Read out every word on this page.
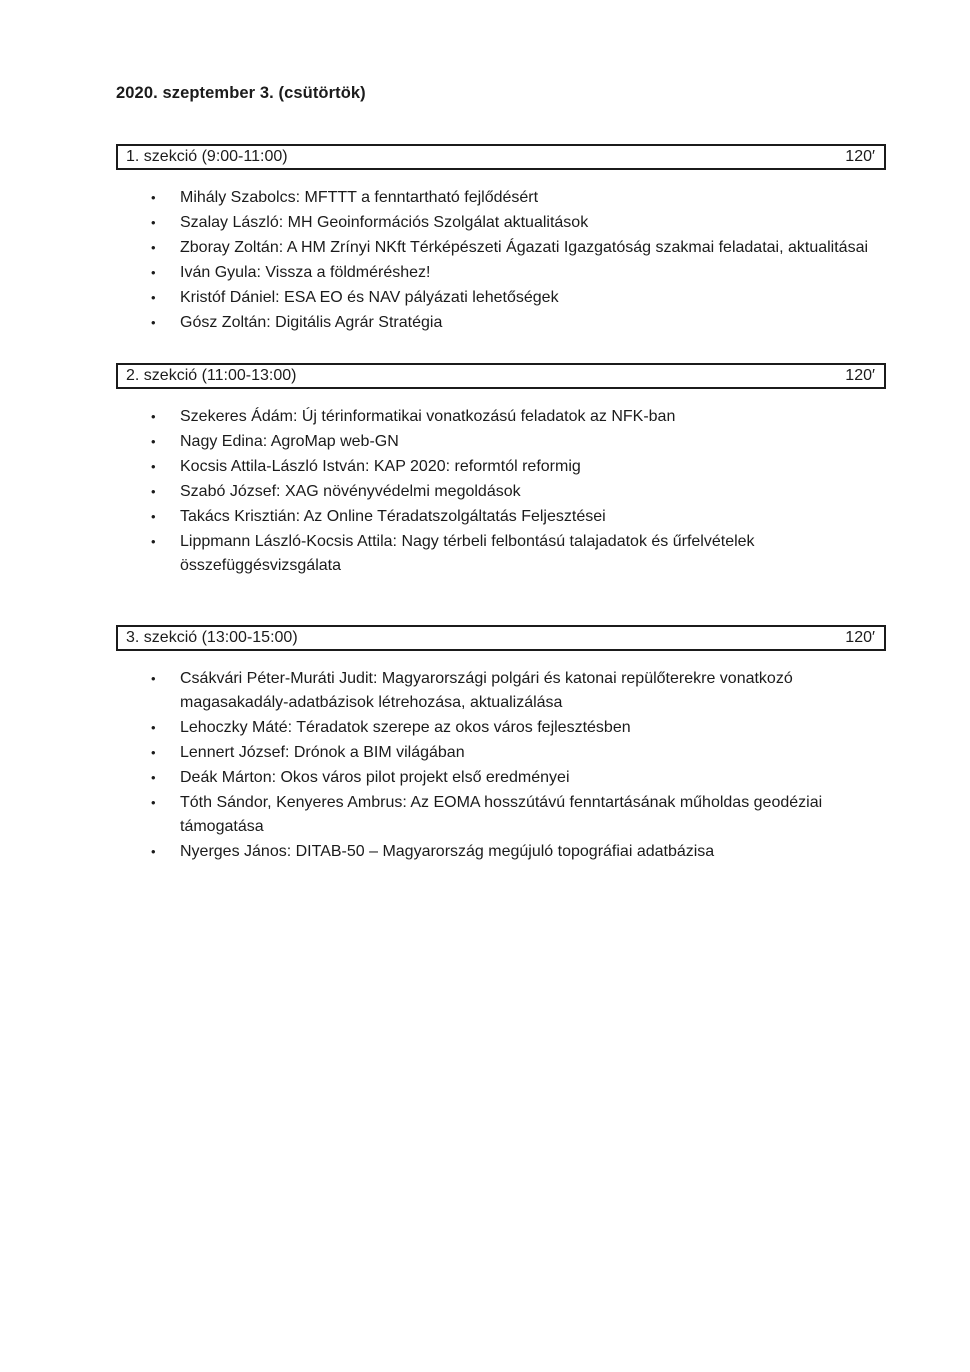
2020. szeptember 3. (csütörtök)
1. szekció (9:00-11:00)	120′
•	Mihály Szabolcs: MFTTT a fenntartható fejlődésért
•	Szalay László: MH Geoinformációs Szolgálat aktualitások
•	Zboray Zoltán: A HM Zrínyi NKft Térképészeti Ágazati Igazgatóság szakmai feladatai, aktualitásai
•	Iván Gyula: Vissza a földméréshez!
•	Kristóf Dániel: ESA EO és NAV pályázati lehetőségek
•	Gósz Zoltán: Digitális Agrár Stratégia
2. szekció (11:00-13:00)	120′
•	Szekeres Ádám: Új térinformatikai vonatkozású feladatok az NFK-ban
•	Nagy Edina: AgroMap web-GN
•	Kocsis Attila-László István: KAP 2020: reformtól reformig
•	Szabó József: XAG növényvédelmi megoldások
•	Takács Krisztián: Az Online Téradatszolgáltatás Feljesztései
•	Lippmann László-Kocsis Attila: Nagy térbeli felbontású talajadatok és űrfelvételek összefüggésvizsgálata
3. szekció (13:00-15:00)	120′
•	Csákvári Péter-Muráti Judit: Magyarországi polgári és katonai repülőterekre vonatkozó magasakadály-adatbázisok létrehozása, aktualizálása
•	Lehoczky Máté: Téradatok szerepe az okos város fejlesztésben
•	Lennert József: Drónok a BIM világában
•	Deák Márton: Okos város pilot projekt első eredményei
•	Tóth Sándor, Kenyeres Ambrus: Az EOMA hosszútávú fenntartásának műholdas geodéziai támogatása
•	Nyerges János: DITAB-50 – Magyarország megújuló topográfiai adatbázisa
